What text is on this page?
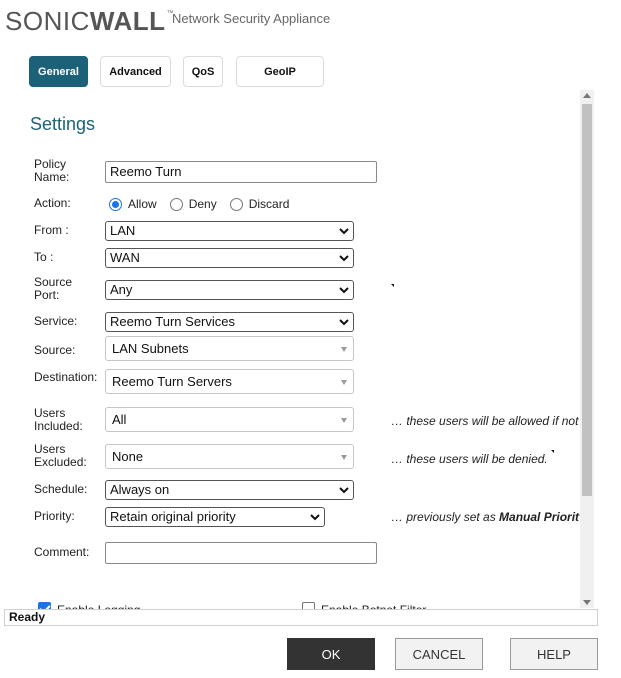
SONICWALL ™
Network Security Appliance
General	Advanced	QoS	GeoIP
Settings
Policy
Name:	Reemo Turn
Action:	Allow	Deny	Discard
From :	LAN
To :	WAN
Source
Port:	Any
Service:	Reemo Turn Services
Source:	LAN Subnets
Destination:	Reemo Turn Servers
Users
Included:	All	… these users will be allowed if not
Users
Excluded:	None	… these users will be denied.
Schedule:	Always on
Priority:	Retain original priority	… previously set as Manual Priorit
Comment:
Ready
OK	CANCEL	HELP
